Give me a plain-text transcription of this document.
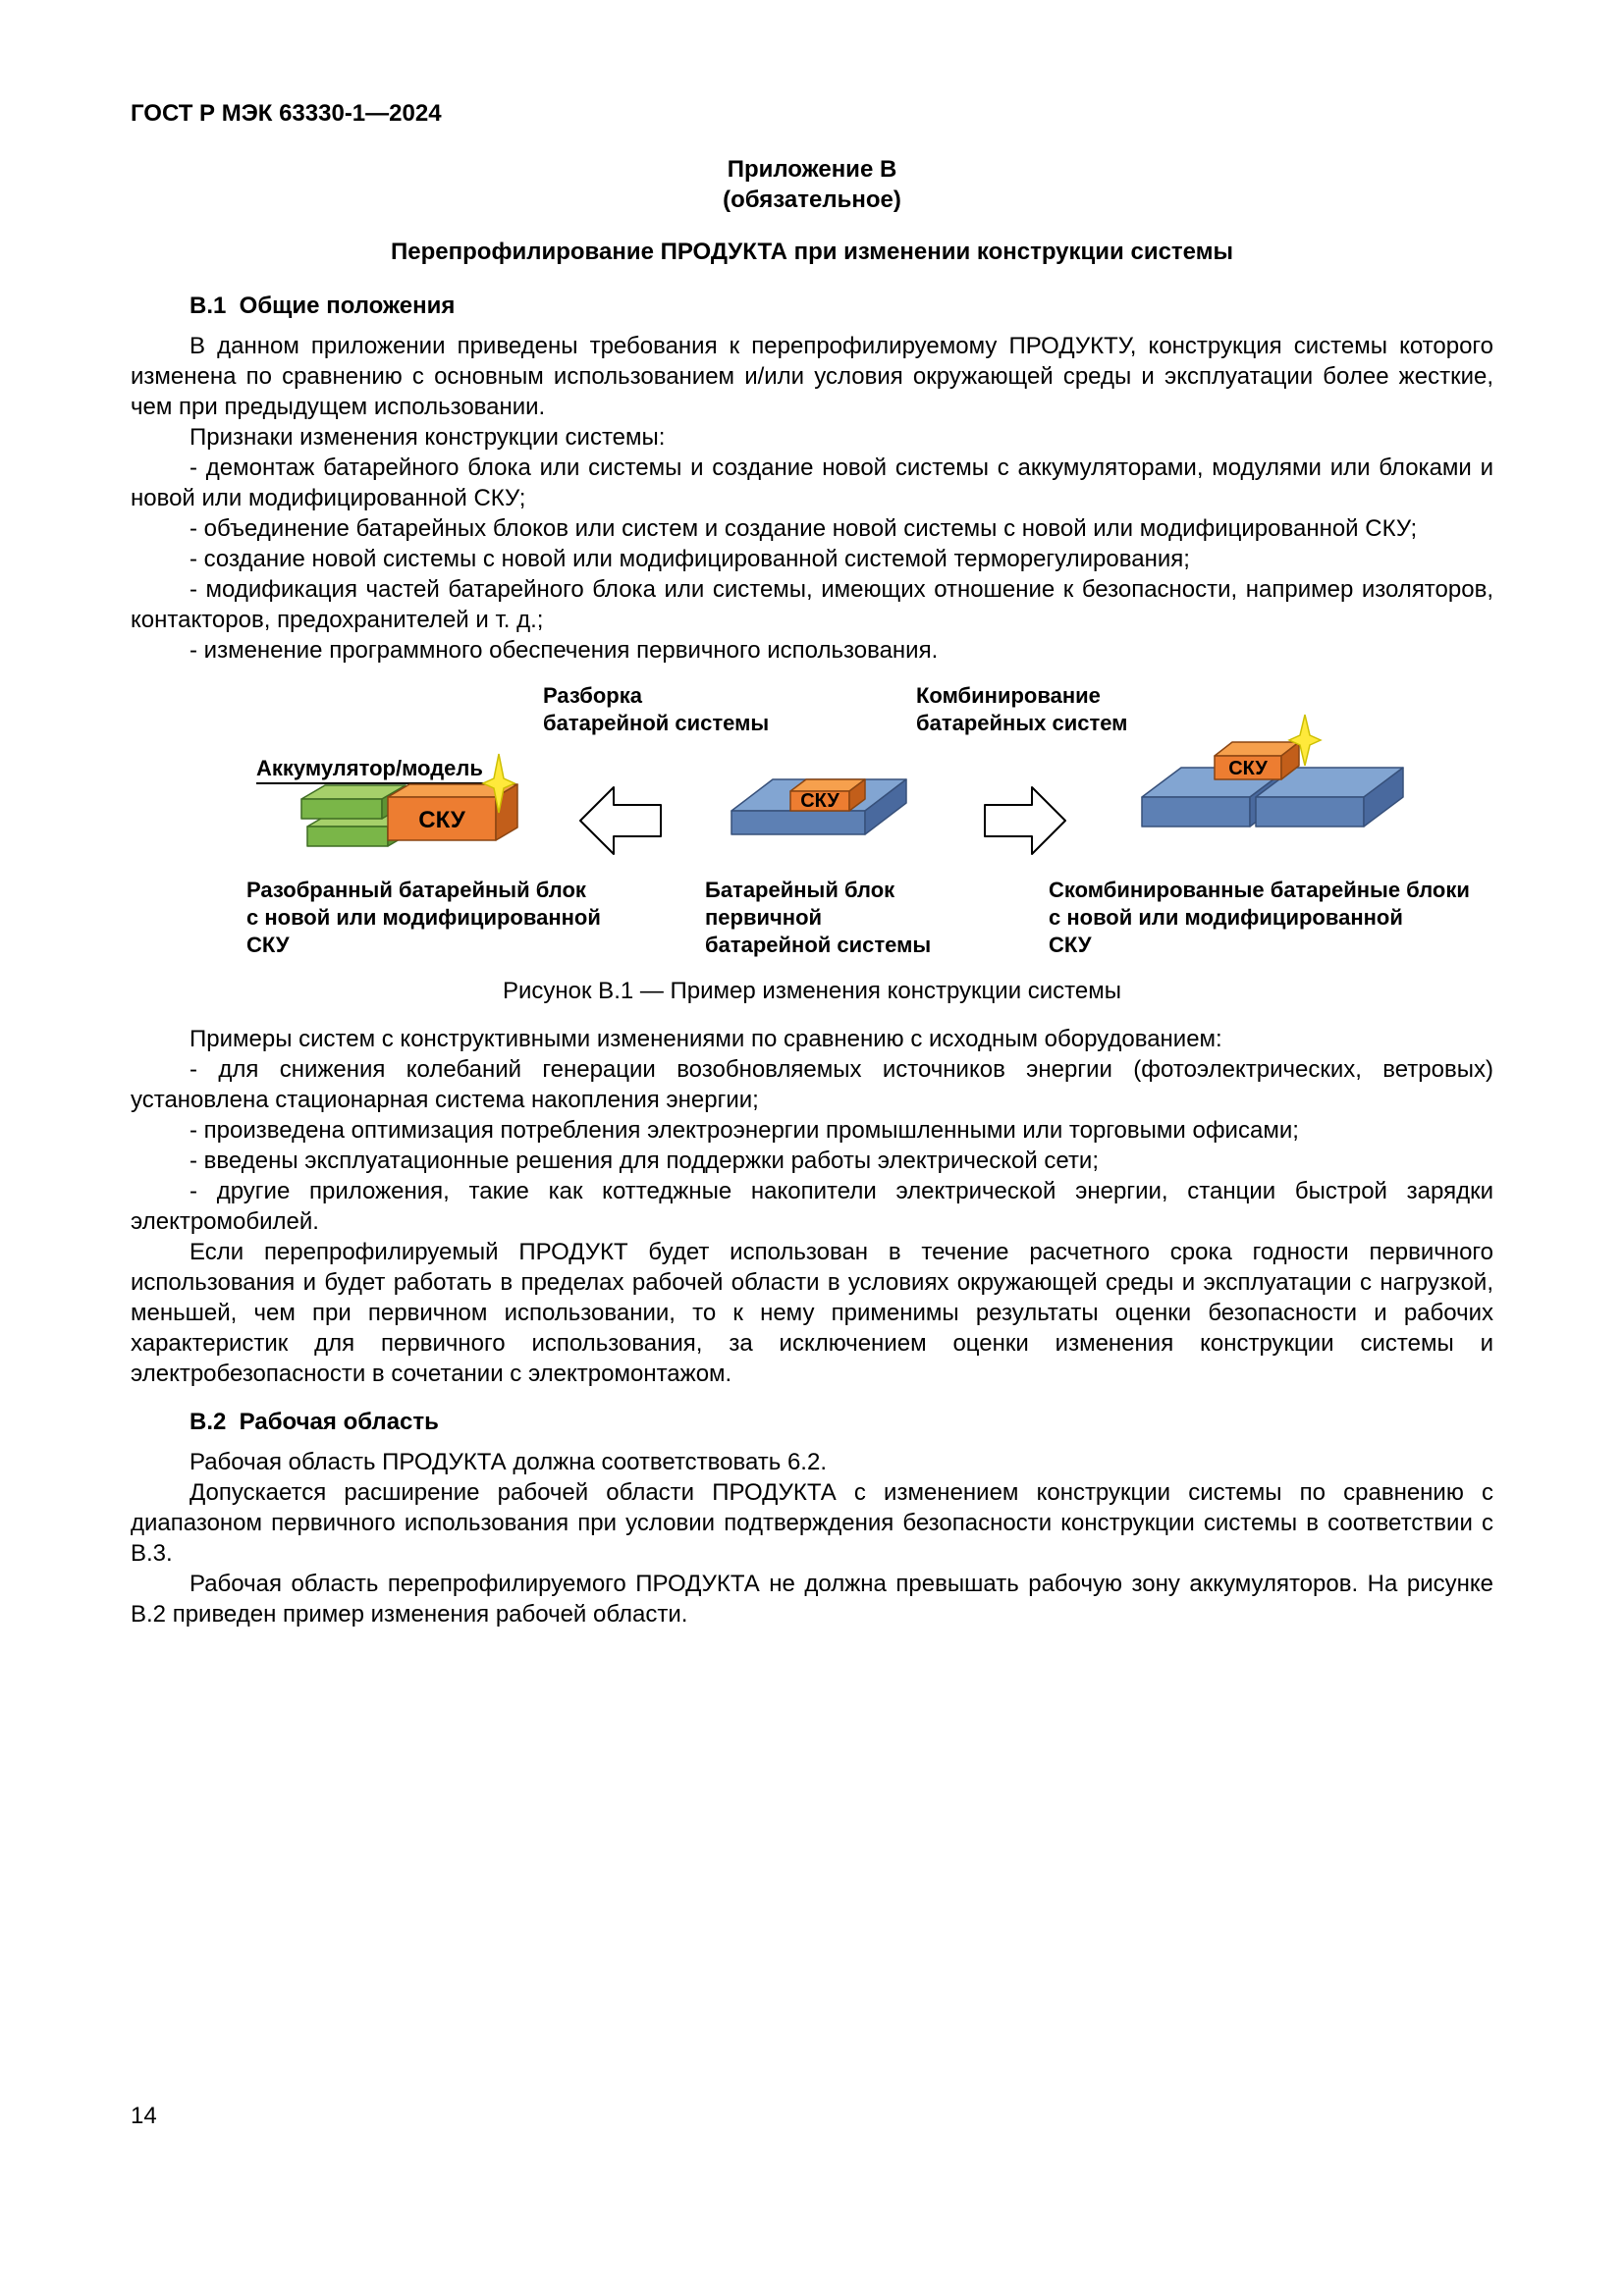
ГОСТ Р МЭК 63330-1—2024
Приложение В
(обязательное)
Перепрофилирование ПРОДУКТА при изменении конструкции системы
В.1  Общие положения

В данном приложении приведены требования к перепрофилируемому ПРОДУКТУ, конструкция системы которого изменена по сравнению с основным использованием и/или условия окружающей среды и эксплуатации более жесткие, чем при предыдущем использовании.

Признаки изменения конструкции системы:

- демонтаж батарейного блока или системы и создание новой системы с аккумуляторами, модулями или блоками и новой или модифицированной СКУ;

- объединение батарейных блоков или систем и создание новой системы с новой или модифицированной СКУ;

- создание новой системы с новой или модифицированной системой терморегулирования;

- модификация частей батарейного блока или системы, имеющих отношение к безопасности, например изоляторов, контакторов, предохранителей и т. д.;

- изменение программного обеспечения первичного использования.

Разборка
батарейной системы
Комбинирование
батарейных систем
Аккумулятор/модель
СКУ
СКУ
СКУ
Разобранный батарейный блок
с новой или модифицированной
СКУ
Батарейный блок
первичной
батарейной системы
Скомбинированные батарейные блоки
с новой или модифицированной
СКУ
Рисунок В.1 — Пример изменения конструкции системы

Примеры систем с конструктивными изменениями по сравнению с исходным оборудованием:

- для снижения колебаний генерации возобновляемых источников энергии (фотоэлектрических, ветровых) установлена стационарная система накопления энергии;

- произведена оптимизация потребления электроэнергии промышленными или торговыми офисами;

- введены эксплуатационные решения для поддержки работы электрической сети;

- другие приложения, такие как коттеджные накопители электрической энергии, станции быстрой зарядки электромобилей.

Если перепрофилируемый ПРОДУКТ будет использован в течение расчетного срока годности первичного использования и будет работать в пределах рабочей области в условиях окружающей среды и эксплуатации с нагрузкой, меньшей, чем при первичном использовании, то к нему применимы результаты оценки безопасности и рабочих характеристик для первичного использования, за исключением оценки изменения конструкции системы и электробезопасности в сочетании с электромонтажом.

В.2  Рабочая область

Рабочая область ПРОДУКТА должна соответствовать 6.2.

Допускается расширение рабочей области ПРОДУКТА с изменением конструкции системы по сравнению с диапазоном первичного использования при условии подтверждения безопасности конструкции системы в соответствии с В.3.

Рабочая область перепрофилируемого ПРОДУКТА не должна превышать рабочую зону аккумуляторов. На рисунке В.2 приведен пример изменения рабочей области.

14
